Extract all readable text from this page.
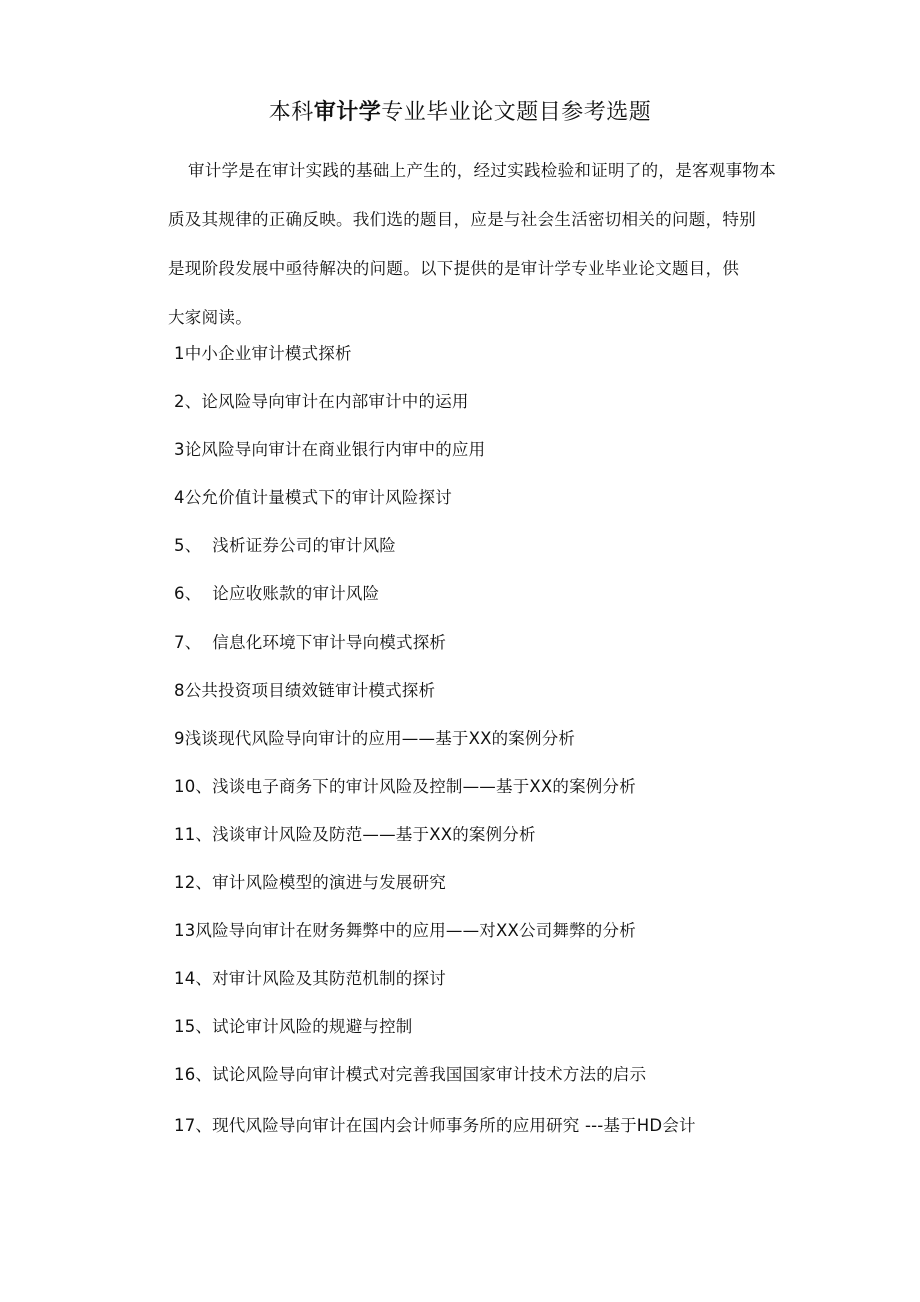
本科审计学专业毕业论文题目参考选题

审计学是在审计实践的基础上产生的，经过实践检验和证明了的，是客观事物本
质及其规律的正确反映。我们选的题目，应是与社会生活密切相关的问题，特别
是现阶段发展中亟待解决的问题。以下提供的是审计学专业毕业论文题目，供
大家阅读。

1中小企业审计模式探析
2、论风险导向审计在内部审计中的运用
3论风险导向审计在商业银行内审中的应用
4公允价值计量模式下的审计风险探讨
5、  浅析证券公司的审计风险
6、  论应收账款的审计风险
7、  信息化环境下审计导向模式探析
8公共投资项目绩效链审计模式探析
9浅谈现代风险导向审计的应用——基于XX的案例分析
10、浅谈电子商务下的审计风险及控制——基于XX的案例分析
11、浅谈审计风险及防范——基于XX的案例分析
12、审计风险模型的演进与发展研究
13风险导向审计在财务舞弊中的应用——对XX公司舞弊的分析
14、对审计风险及其防范机制的探讨
15、试论审计风险的规避与控制
16、试论风险导向审计模式对完善我国国家审计技术方法的启示
17、现代风险导向审计在国内会计师事务所的应用研究 ---基于HD会计
